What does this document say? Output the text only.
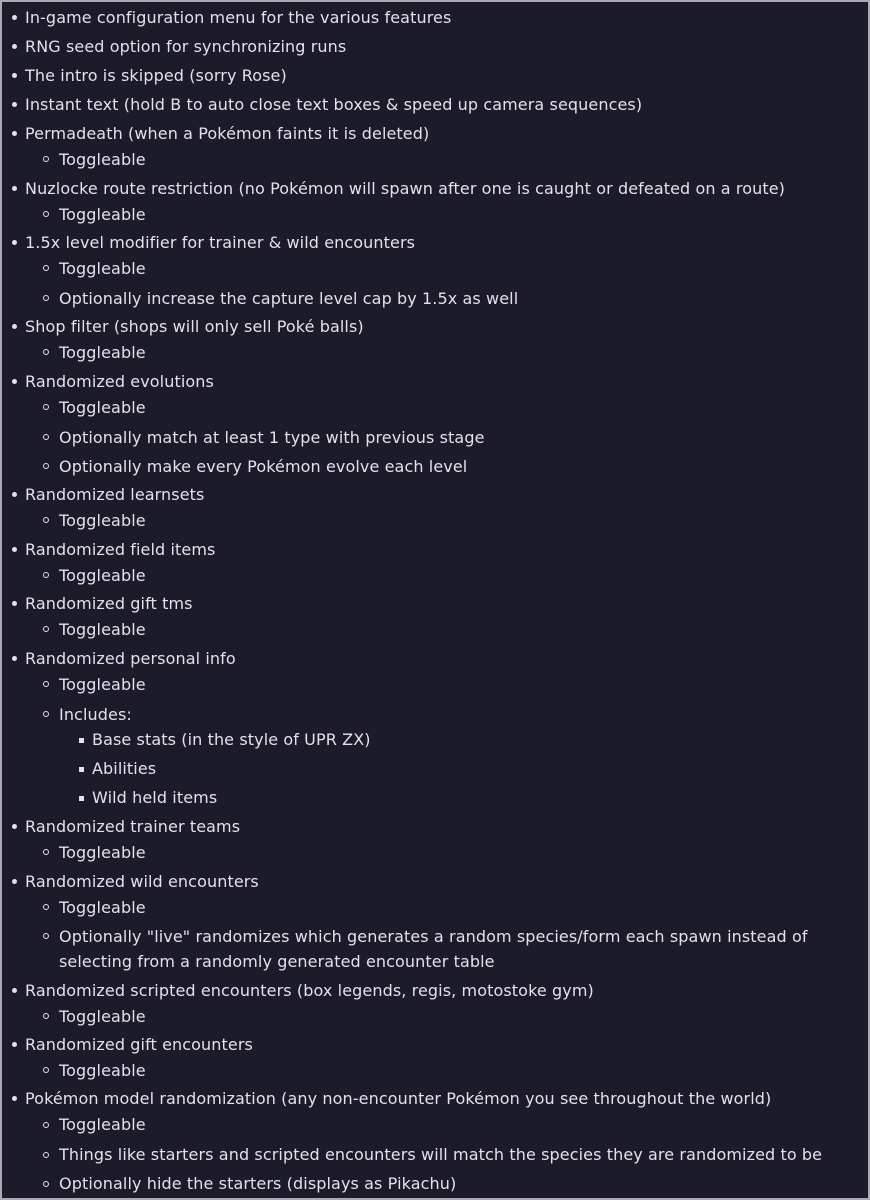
In-game configuration menu for the various features
RNG seed option for synchronizing runs
The intro is skipped (sorry Rose)
Instant text (hold B to auto close text boxes & speed up camera sequences)
Permadeath (when a Pokémon faints it is deleted)
Toggleable
Nuzlocke route restriction (no Pokémon will spawn after one is caught or defeated on a route)
Toggleable
1.5x level modifier for trainer & wild encounters
Toggleable
Optionally increase the capture level cap by 1.5x as well
Shop filter (shops will only sell Poké balls)
Toggleable
Randomized evolutions
Toggleable
Optionally match at least 1 type with previous stage
Optionally make every Pokémon evolve each level
Randomized learnsets
Toggleable
Randomized field items
Toggleable
Randomized gift tms
Toggleable
Randomized personal info
Toggleable
Includes:
Base stats (in the style of UPR ZX)
Abilities
Wild held items
Randomized trainer teams
Toggleable
Randomized wild encounters
Toggleable
Optionally "live" randomizes which generates a random species/form each spawn instead of selecting from a randomly generated encounter table
Randomized scripted encounters (box legends, regis, motostoke gym)
Toggleable
Randomized gift encounters
Toggleable
Pokémon model randomization (any non-encounter Pokémon you see throughout the world)
Toggleable
Things like starters and scripted encounters will match the species they are randomized to be
Optionally hide the starters (displays as Pikachu)
